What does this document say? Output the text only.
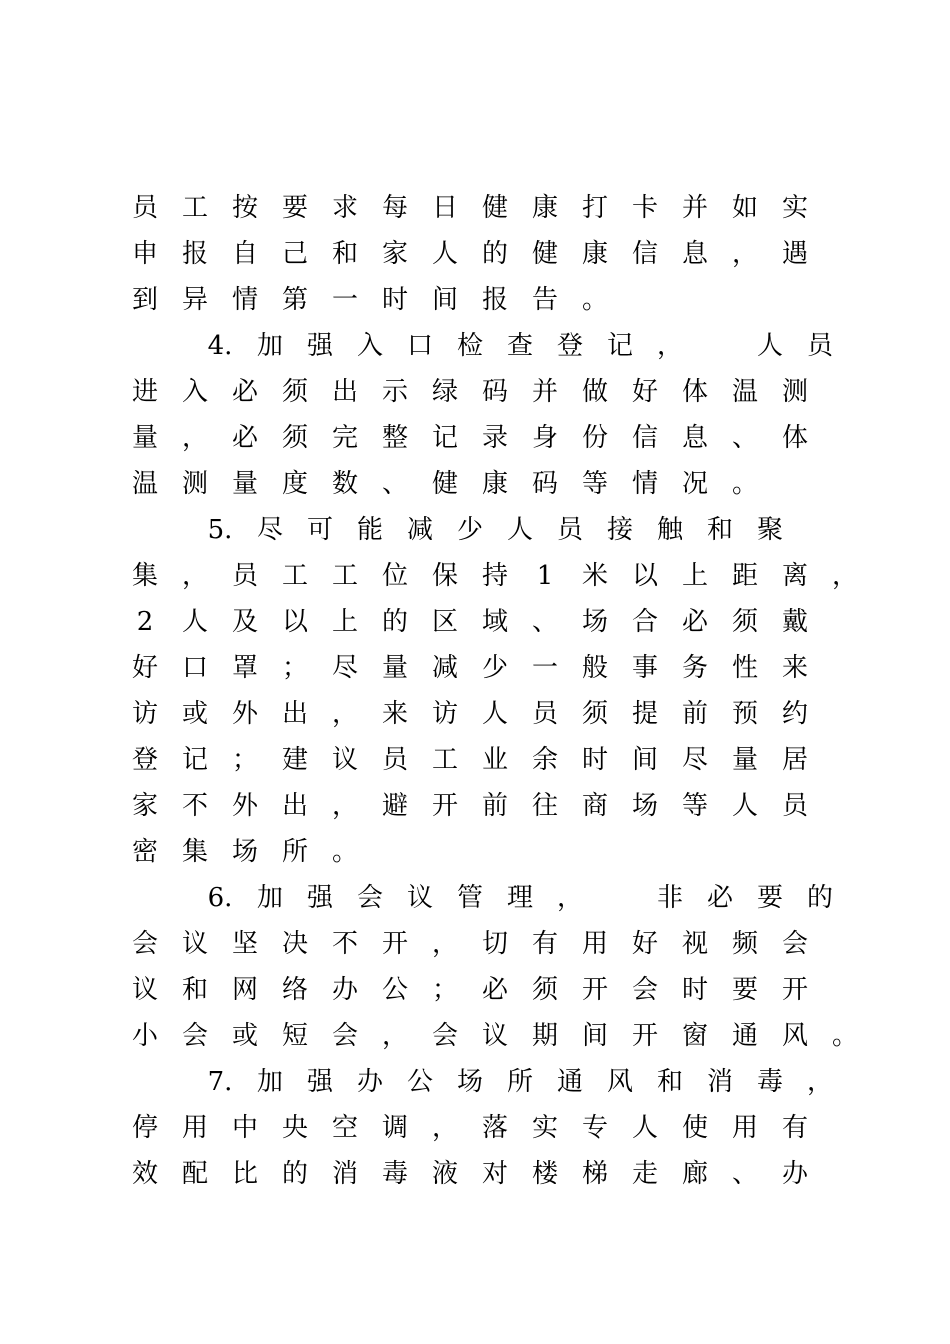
员 工 按 要 求 每 日 健 康 打 卡 并 如 实
申 报 自 己 和 家 人 的 健 康 信 息 ， 遇
到 异 情 第 一 时 间 报 告 。
4. 加 强 入 口 检 查 登 记 ，	人 员
进 入 必 须 出 示 绿 码 并 做 好 体 温 测
量 ， 必 须 完 整 记 录 身 份 信 息 、 体
温 测 量 度 数 、 健 康 码 等 情 况 。
5. 尽 可 能 减 少 人 员 接 触 和 聚
集 ， 员 工 工 位 保 持	1	米 以 上 距 离 ，
2	人 及 以 上 的 区 域 、 场 合 必 须 戴
好 口 罩 ； 尽 量 减 少 一 般 事 务 性 来
访 或 外 出 ， 来 访 人 员 须 提 前 预 约
登 记 ； 建 议 员 工 业 余 时 间 尽 量 居
家 不 外 出 ， 避 开 前 往 商 场 等 人 员
密 集 场 所 。
6. 加 强 会 议 管 理 ，	非 必 要 的
会 议 坚 决 不 开 ， 切 有 用 好 视 频 会
议 和 网 络 办 公 ； 必 须 开 会 时 要 开
小 会 或 短 会 ， 会 议 期 间 开 窗 通 风 。
7. 加 强 办 公 场 所 通 风 和 消 毒 ，
停 用 中 央 空 调 ， 落 实 专 人 使 用 有
效 配 比 的 消 毒 液 对 楼 梯 走 廊 、 办
